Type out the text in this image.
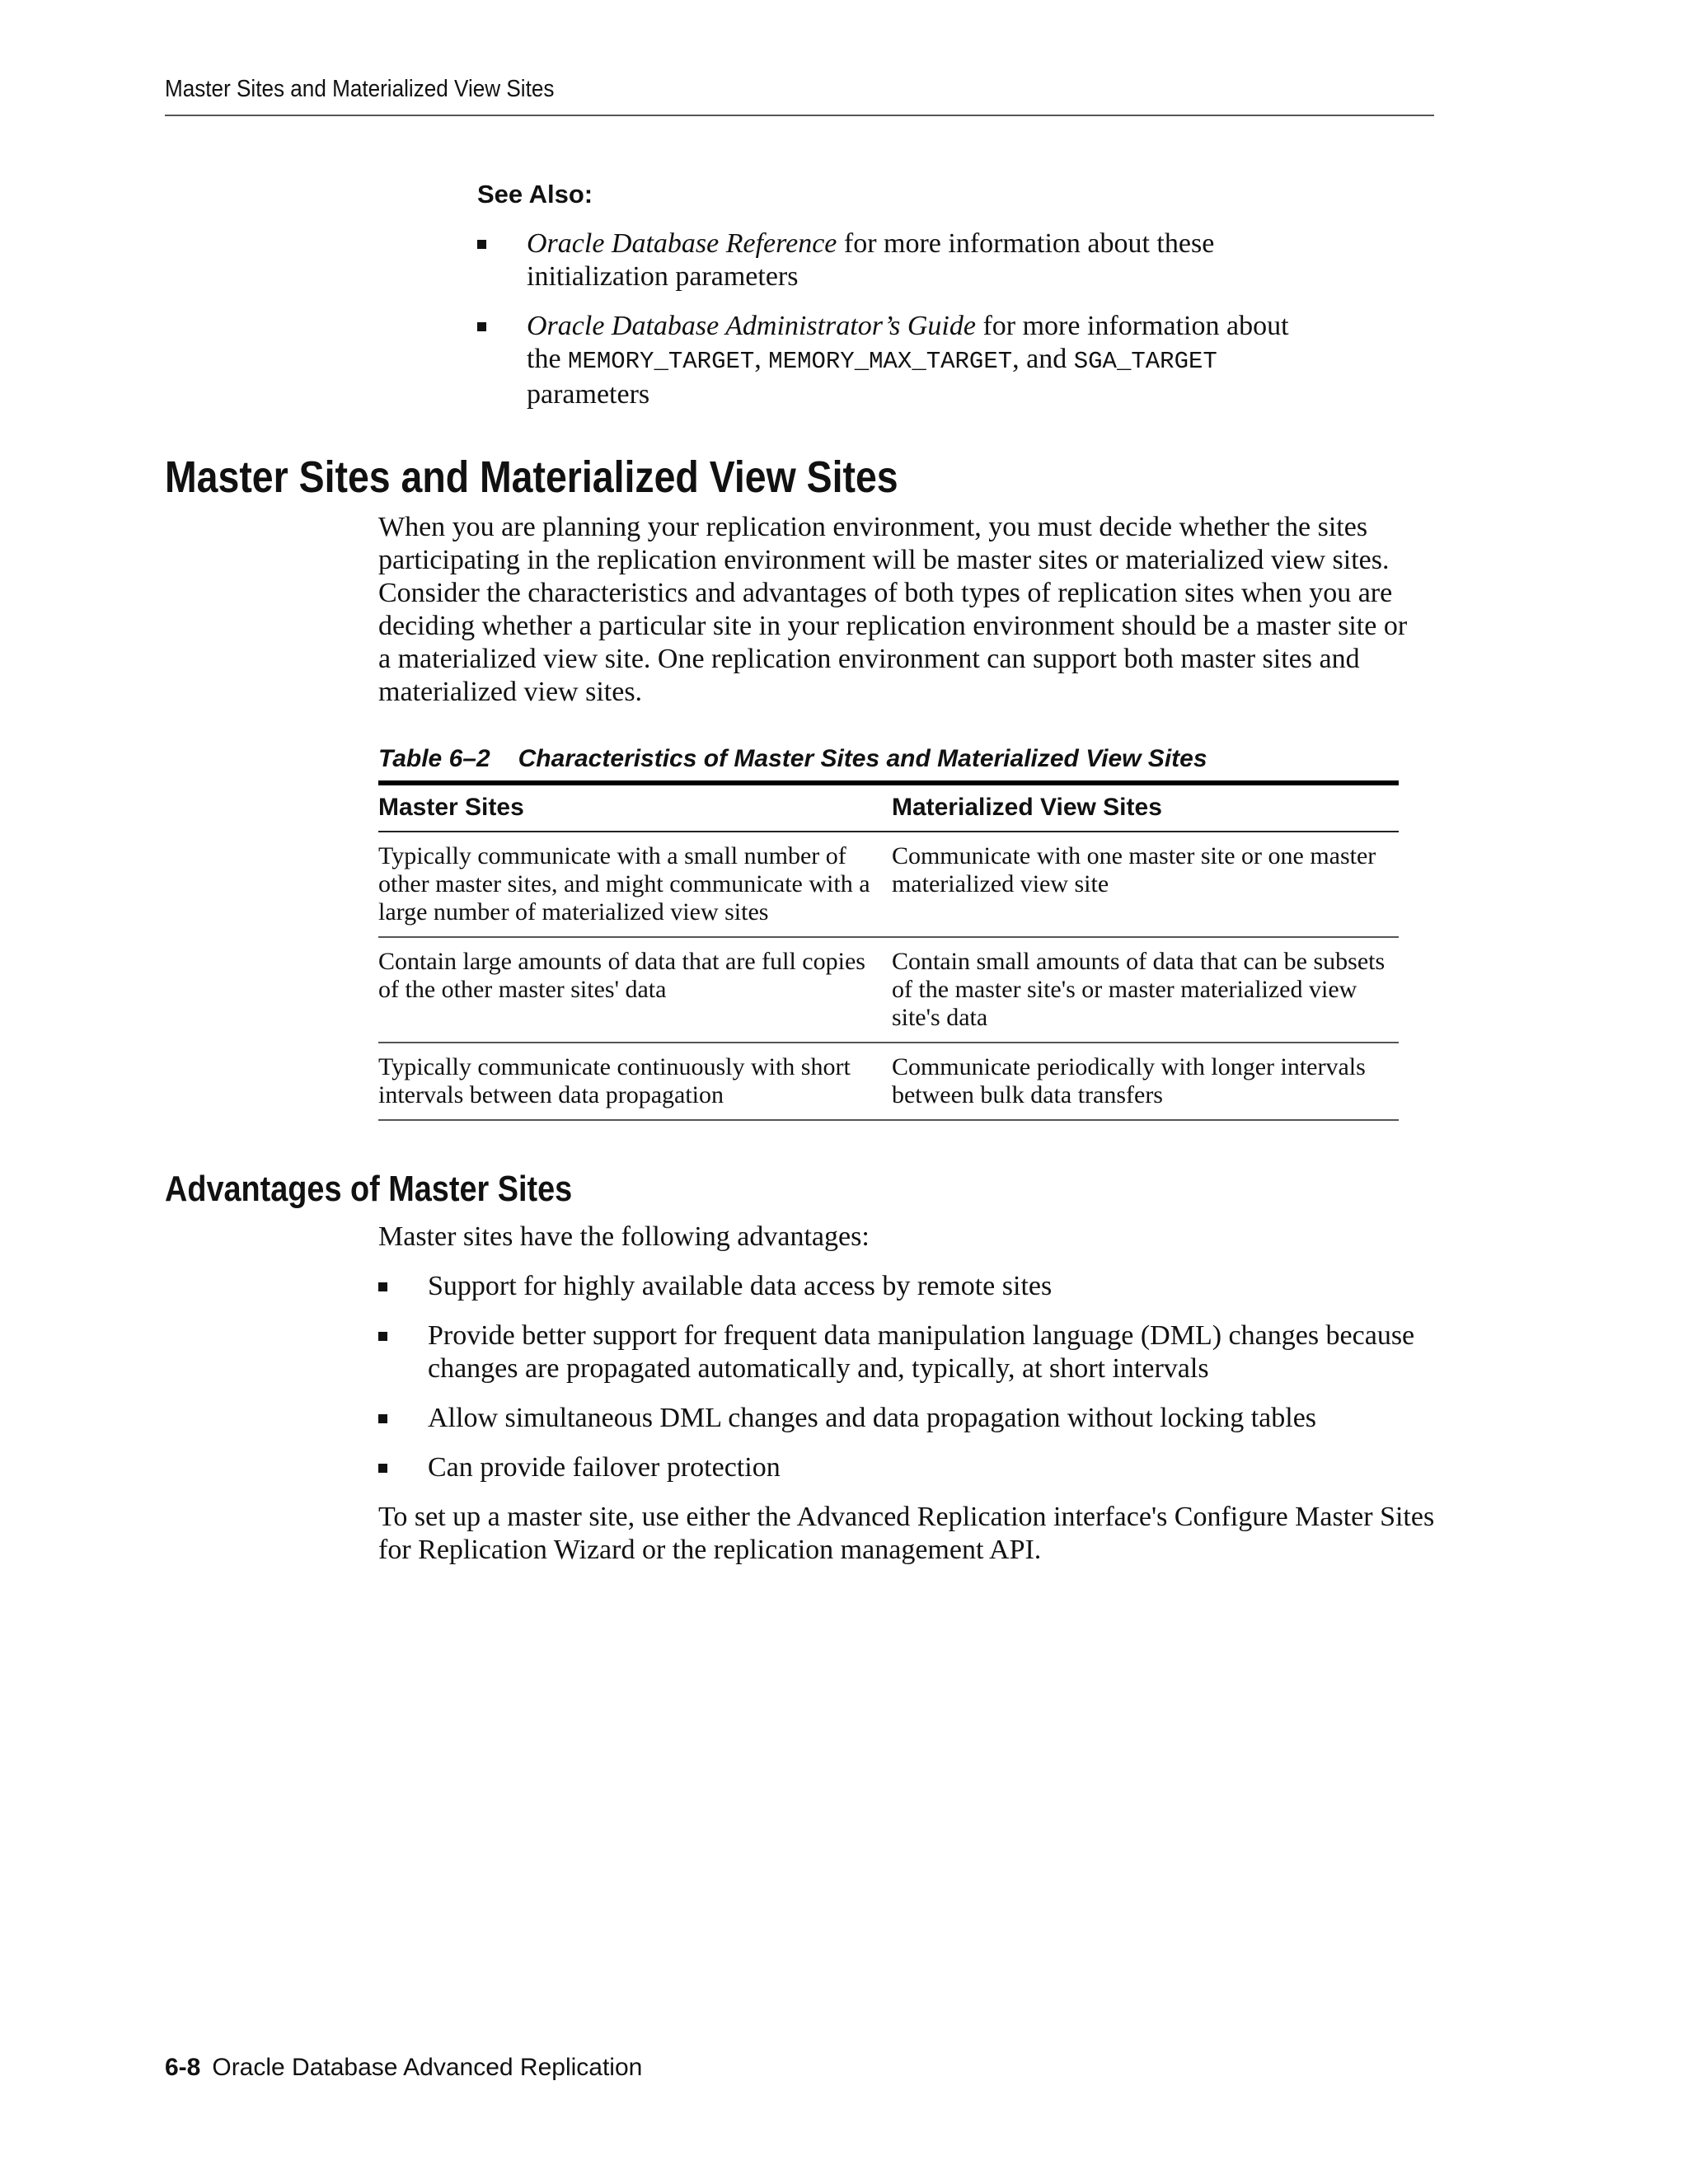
Master Sites and Materialized View Sites
See Also:
Oracle Database Reference for more information about these initialization parameters
Oracle Database Administrator’s Guide for more information about the MEMORY_TARGET, MEMORY_MAX_TARGET, and SGA_TARGET parameters
Master Sites and Materialized View Sites

When you are planning your replication environment, you must decide whether the sites participating in the replication environment will be master sites or materialized view sites. Consider the characteristics and advantages of both types of replication sites when you are deciding whether a particular site in your replication environment should be a master site or a materialized view site. One replication environment can support both master sites and materialized view sites.

Table 6–2 Characteristics of Master Sites and Materialized View Sites
Master Sites	Materialized View Sites
Typically communicate with a small number of other master sites, and might communicate with a large number of materialized view sites	Communicate with one master site or one master materialized view site
Contain large amounts of data that are full copies of the other master sites' data	Contain small amounts of data that can be subsets of the master site's or master materialized view site's data
Typically communicate continuously with short intervals between data propagation	Communicate periodically with longer intervals between bulk data transfers
Advantages of Master Sites

Master sites have the following advantages:

Support for highly available data access by remote sites
Provide better support for frequent data manipulation language (DML) changes because changes are propagated automatically and, typically, at short intervals
Allow simultaneous DML changes and data propagation without locking tables
Can provide failover protection

To set up a master site, use either the Advanced Replication interface's Configure Master Sites for Replication Wizard or the replication management API.

6-8 Oracle Database Advanced Replication
